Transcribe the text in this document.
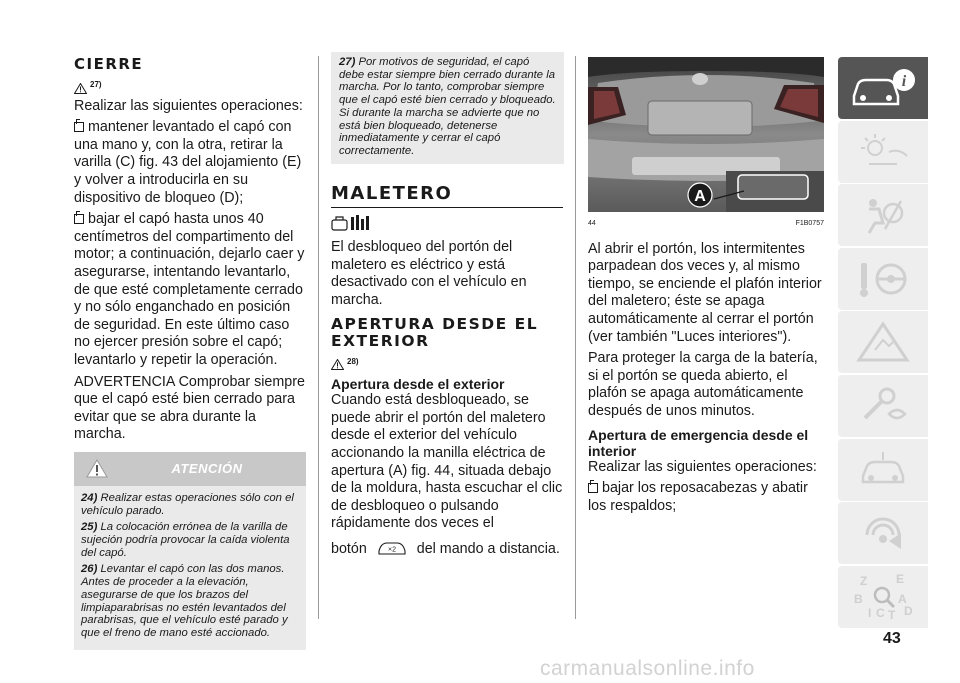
CIERRE
27)

Realizar las siguientes operaciones:

mantener levantado el capó con una mano y, con la otra, retirar la varilla (C) fig. 43 del alojamiento (E) y volver a introducirla en su dispositivo de bloqueo (D);

bajar el capó hasta unos 40 centímetros del compartimento del motor; a continuación, dejarlo caer y asegurarse, intentando levantarlo, de que esté completamente cerrado y no sólo enganchado en posición de seguridad. En este último caso no ejercer presión sobre el capó; levantarlo y repetir la operación.

ADVERTENCIA Comprobar siempre que el capó esté bien cerrado para evitar que se abra durante la marcha.

ATENCIÓN

24) Realizar estas operaciones sólo con el vehículo parado.

25) La colocación errónea de la varilla de sujeción podría provocar la caída violenta del capó.

26) Levantar el capó con las dos manos. Antes de proceder a la elevación, asegurarse de que los brazos del limpiaparabrisas no estén levantados del parabrisas, que el vehículo esté parado y que el freno de mano esté accionado.

27) Por motivos de seguridad, el capó debe estar siempre bien cerrado durante la marcha. Por lo tanto, comprobar siempre que el capó esté bien cerrado y bloqueado. Si durante la marcha se advierte que no está bien bloqueado, detenerse inmediatamente y cerrar el capó correctamente.
MALETERO

El desbloqueo del portón del maletero es eléctrico y está desactivado con el vehículo en marcha.

APERTURA DESDE EL EXTERIOR
28)
Apertura desde el exterior

Cuando está desbloqueado, se puede abrir el portón del maletero desde el exterior del vehículo accionando la manilla eléctrica de apertura (A) fig. 44, situada debajo de la moldura, hasta escuchar el clic de desbloqueo o pulsando rápidamente dos veces el

botón	×2 del mando a distancia.

A
44	F1B0757

Al abrir el portón, los intermitentes parpadean dos veces y, al mismo tiempo, se enciende el plafón interior del maletero; éste se apaga automáticamente al cerrar el portón (ver también "Luces interiores").

Para proteger la carga de la batería, si el portón se queda abierto, el plafón se apaga automáticamente después de unos minutos.

Apertura de emergencia desde el interior

Realizar las siguientes operaciones:

bajar los reposacabezas y abatir los respaldos;

i
Z E
B	A
I C T D
43
carmanualsonline.info
